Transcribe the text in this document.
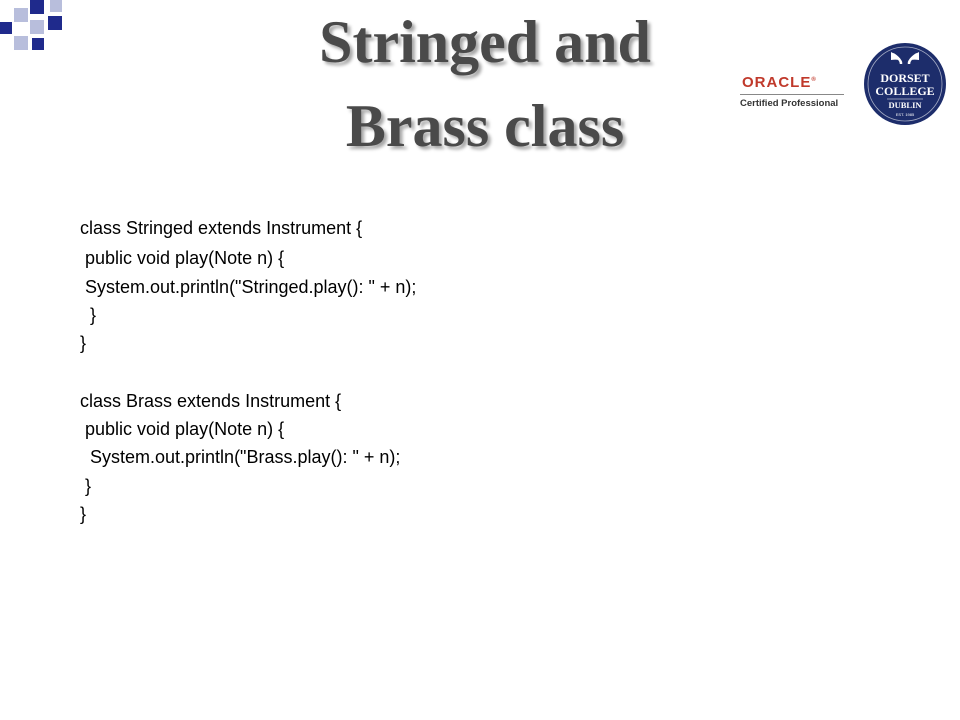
Stringed and
Brass class
ORACLE®
Certified Professional
DORSET
COLLEGE
DUBLIN
EST. 1985
class Stringed extends Instrument {
public void play(Note n) {
System.out.println("Stringed.play(): " + n);
}
}
class Brass extends Instrument {
public void play(Note n) {
System.out.println("Brass.play(): " + n);
}
}
